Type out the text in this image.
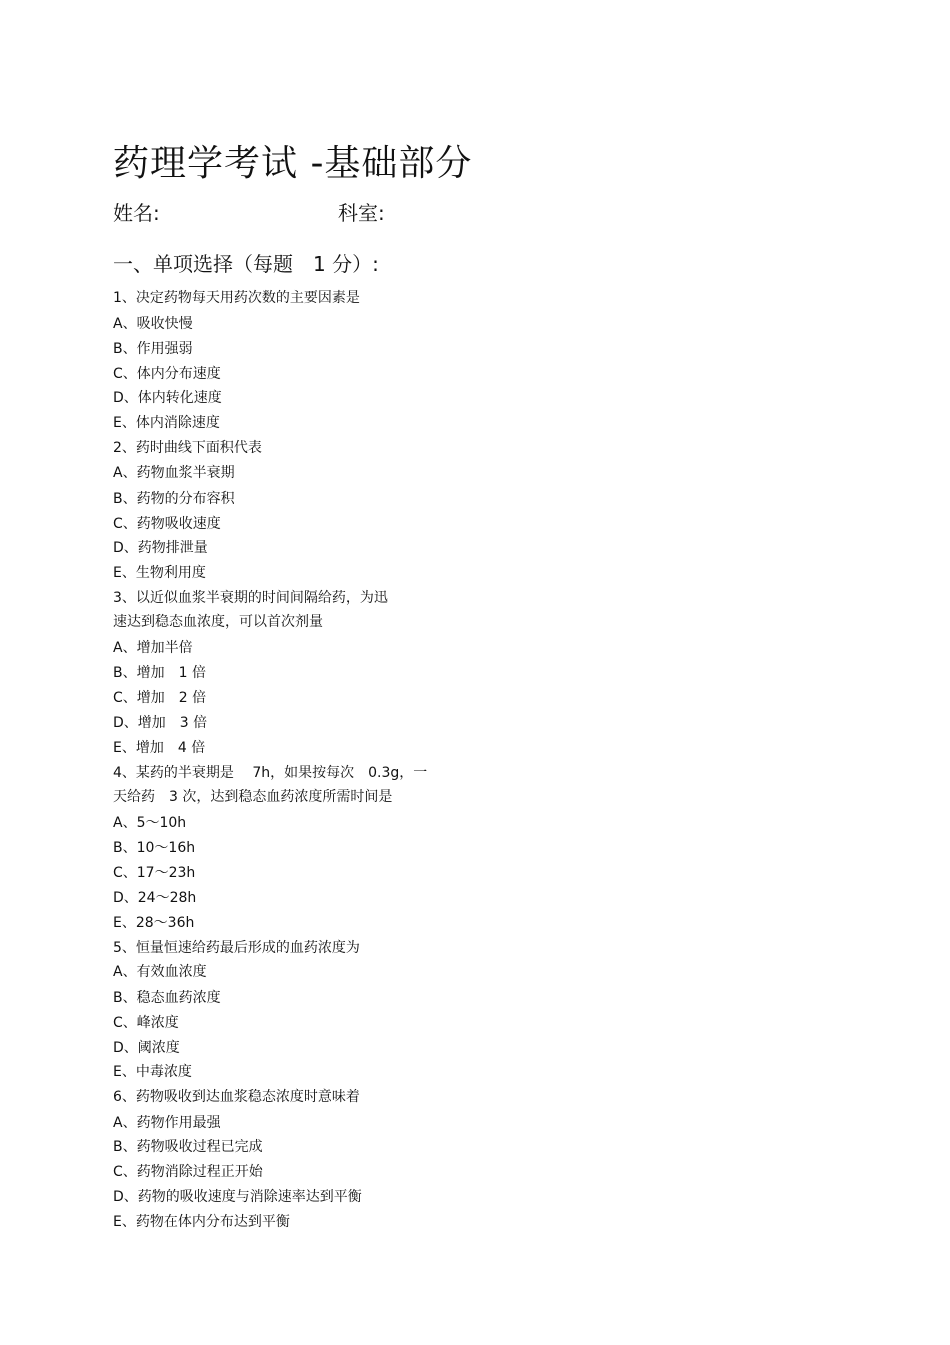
药理学考试 -基础部分
姓名:	科室:
一、单项选择（每题　1 分）:
1、决定药物每天用药次数的主要因素是
A、吸收快慢
B、作用强弱
C、体内分布速度
D、体内转化速度
E、体内消除速度
2、药时曲线下面积代表
A、药物血浆半衰期
B、药物的分布容积
C、药物吸收速度
D、药物排泄量
E、生物利用度
3、以近似血浆半衰期的时间间隔给药，为迅
速达到稳态血浓度，可以首次剂量
A、增加半倍
B、增加　1 倍
C、增加　2 倍
D、增加　3 倍
E、增加　4 倍
4、某药的半衰期是　 7h，如果按每次　0.3g，一
天给药　3 次，达到稳态血药浓度所需时间是
A、5～10h
B、10～16h
C、17～23h
D、24～28h
E、28～36h
5、恒量恒速给药最后形成的血药浓度为
A、有效血浓度
B、稳态血药浓度
C、峰浓度
D、阈浓度
E、中毒浓度
6、药物吸收到达血浆稳态浓度时意味着
A、药物作用最强
B、药物吸收过程已完成
C、药物消除过程正开始
D、药物的吸收速度与消除速率达到平衡
E、药物在体内分布达到平衡
